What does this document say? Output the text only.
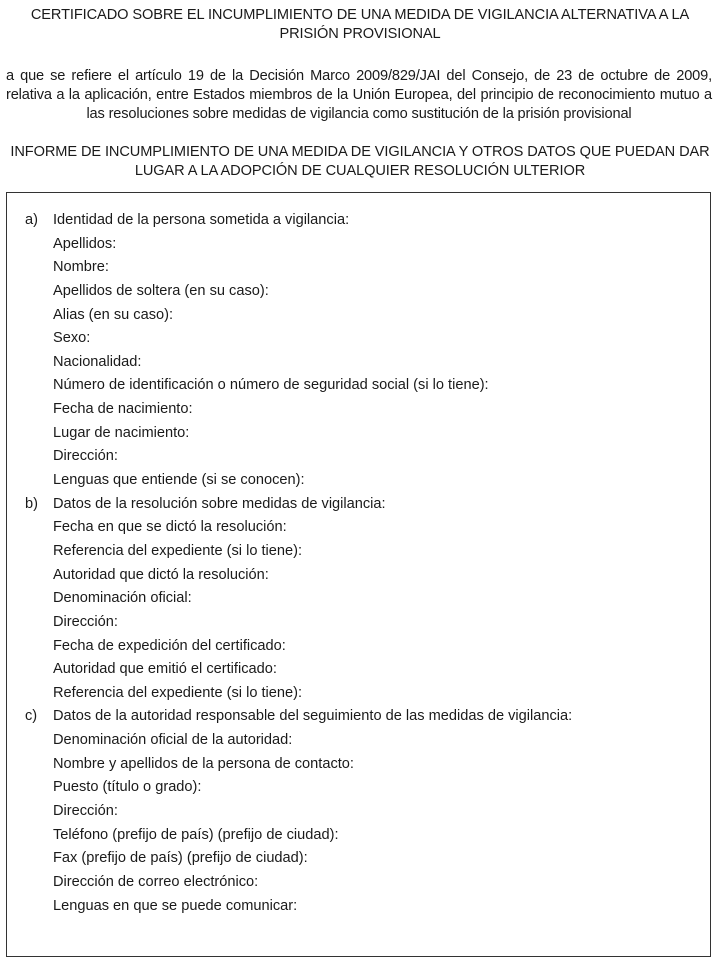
CERTIFICADO SOBRE EL INCUMPLIMIENTO DE UNA MEDIDA DE VIGILANCIA ALTERNATIVA A LA PRISIÓN PROVISIONAL
a que se refiere el artículo 19 de la Decisión Marco 2009/829/JAI del Consejo, de 23 de octubre de 2009, relativa a la aplicación, entre Estados miembros de la Unión Europea, del principio de reconocimiento mutuo a las resoluciones sobre medidas de vigilancia como sustitución de la prisión provisional
INFORME DE INCUMPLIMIENTO DE UNA MEDIDA DE VIGILANCIA Y OTROS DATOS QUE PUEDAN DAR LUGAR A LA ADOPCIÓN DE CUALQUIER RESOLUCIÓN ULTERIOR
a) Identidad de la persona sometida a vigilancia:
Apellidos:
Nombre:
Apellidos de soltera (en su caso):
Alias (en su caso):
Sexo:
Nacionalidad:
Número de identificación o número de seguridad social (si lo tiene):
Fecha de nacimiento:
Lugar de nacimiento:
Dirección:
Lenguas que entiende (si se conocen):
b) Datos de la resolución sobre medidas de vigilancia:
Fecha en que se dictó la resolución:
Referencia del expediente (si lo tiene):
Autoridad que dictó la resolución:
Denominación oficial:
Dirección:
Fecha de expedición del certificado:
Autoridad que emitió el certificado:
Referencia del expediente (si lo tiene):
c) Datos de la autoridad responsable del seguimiento de las medidas de vigilancia:
Denominación oficial de la autoridad:
Nombre y apellidos de la persona de contacto:
Puesto (título o grado):
Dirección:
Teléfono (prefijo de país) (prefijo de ciudad):
Fax (prefijo de país) (prefijo de ciudad):
Dirección de correo electrónico:
Lenguas en que se puede comunicar:
